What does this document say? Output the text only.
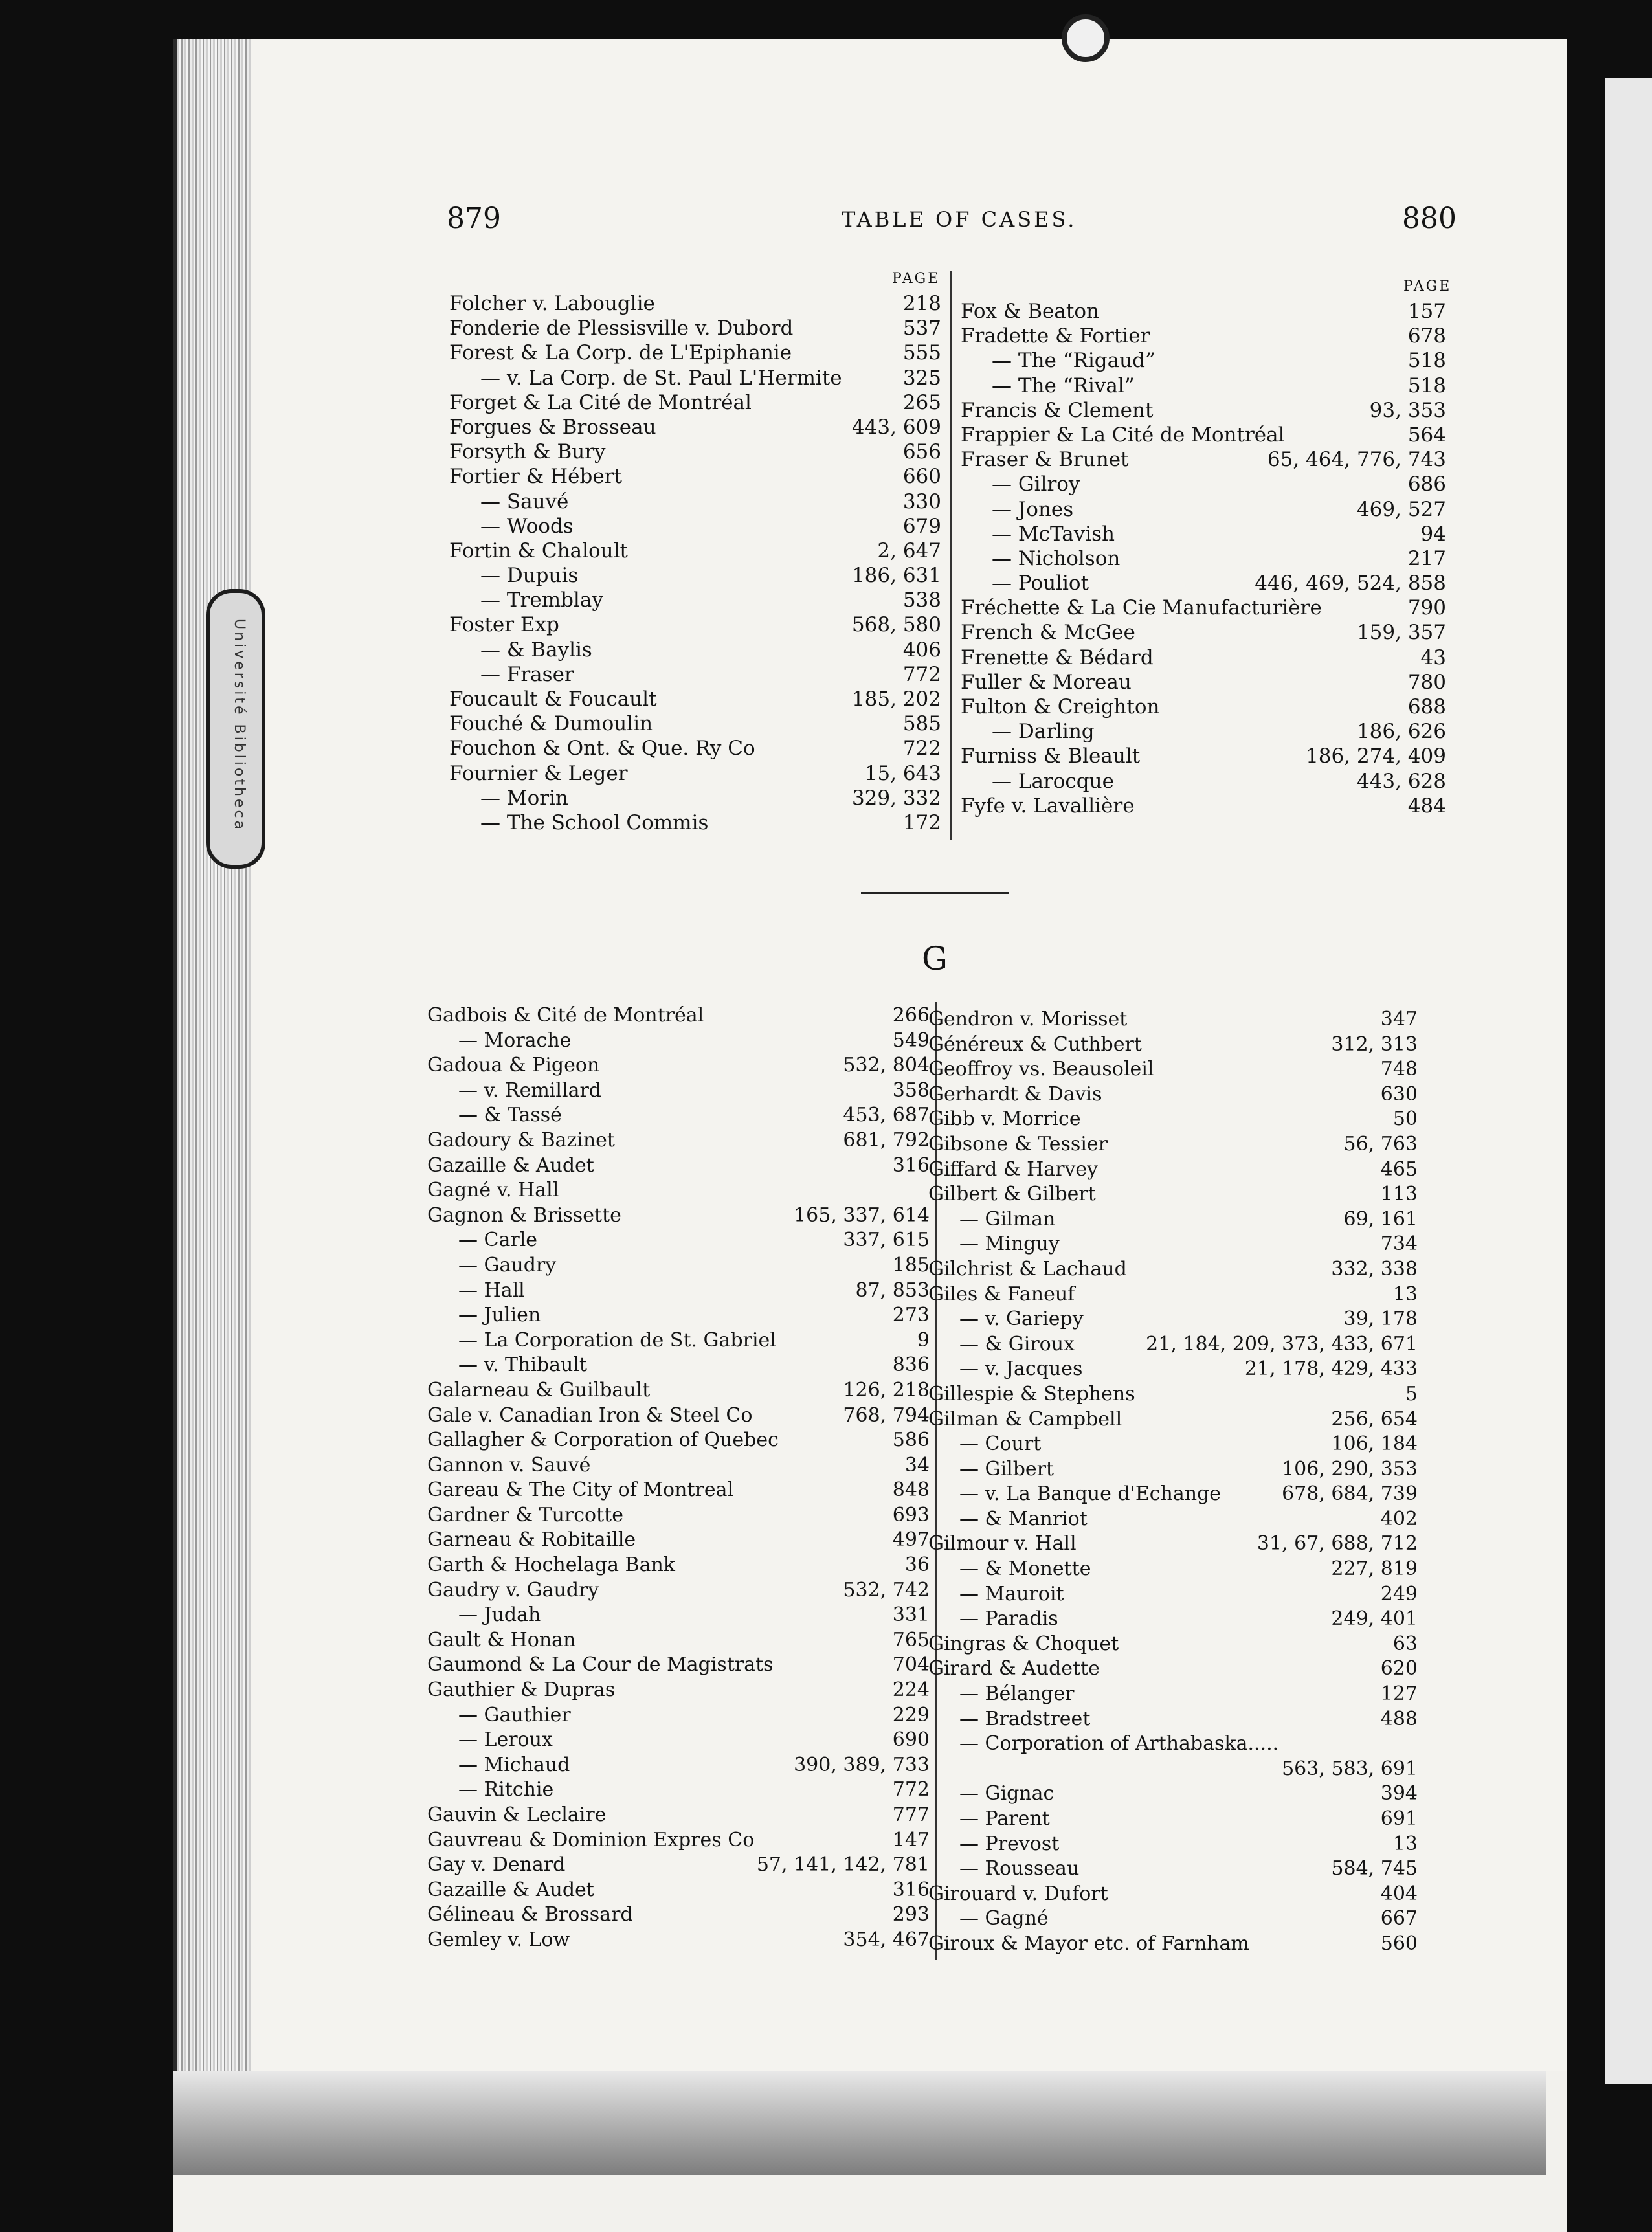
Université Bibliotheca
879	TABLE OF CASES.	880
PAGE	PAGE
Folcher v. Labouglie	218
Fonderie de Plessisville v. Dubord	537
Forest & La Corp. de L'Epiphanie	555
— v. La Corp. de St. Paul L'Hermite	325
Forget & La Cité de Montréal	265
Forgues & Brosseau	443, 609
Forsyth & Bury	656
Fortier & Hébert	660
— Sauvé	330
— Woods	679
Fortin & Chaloult	2, 647
— Dupuis	186, 631
— Tremblay	538
Foster Exp	568, 580
— & Baylis	406
— Fraser	772
Foucault & Foucault	185, 202
Fouché & Dumoulin	585
Fouchon & Ont. & Que. Ry Co	722
Fournier & Leger	15, 643
— Morin	329, 332
— The School Commis	172
Fox & Beaton	157
Fradette & Fortier	678
— The “Rigaud”	518
— The “Rival”	518
Francis & Clement	93, 353
Frappier & La Cité de Montréal	564
Fraser & Brunet	65, 464, 776, 743
— Gilroy	686
— Jones	469, 527
— McTavish	94
— Nicholson	217
— Pouliot	446, 469, 524, 858
Fréchette & La Cie Manufacturière	790
French & McGee	159, 357
Frenette & Bédard	43
Fuller & Moreau	780
Fulton & Creighton	688
— Darling	186, 626
Furniss & Bleault	186, 274, 409
— Larocque	443, 628
Fyfe v. Lavallière	484
G
Gadbois & Cité de Montréal	266
— Morache	549
Gadoua & Pigeon	532, 804
— v. Remillard	358
— & Tassé	453, 687
Gadoury & Bazinet	681, 792
Gazaille & Audet	316
Gagné v. Hall
Gagnon & Brissette	165, 337, 614
— Carle	337, 615
— Gaudry	185
— Hall	87, 853
— Julien	273
— La Corporation de St. Gabriel	9
— v. Thibault	836
Galarneau & Guilbault	126, 218
Gale v. Canadian Iron & Steel Co	768, 794
Gallagher & Corporation of Quebec	586
Gannon v. Sauvé	34
Gareau & The City of Montreal	848
Gardner & Turcotte	693
Garneau & Robitaille	497
Garth & Hochelaga Bank	36
Gaudry v. Gaudry	532, 742
— Judah	331
Gault & Honan	765
Gaumond & La Cour de Magistrats	704
Gauthier & Dupras	224
— Gauthier	229
— Leroux	690
— Michaud	390, 389, 733
— Ritchie	772
Gauvin & Leclaire	777
Gauvreau & Dominion Expres Co	147
Gay v. Denard	57, 141, 142, 781
Gazaille & Audet	316
Gélineau & Brossard	293
Gemley v. Low	354, 467
Gendron v. Morisset	347
Généreux & Cuthbert	312, 313
Geoffroy vs. Beausoleil	748
Gerhardt & Davis	630
Gibb v. Morrice	50
Gibsone & Tessier	56, 763
Giffard & Harvey	465
Gilbert & Gilbert	113
— Gilman	69, 161
— Minguy	734
Gilchrist & Lachaud	332, 338
Giles & Faneuf	13
— v. Gariepy	39, 178
— & Giroux	21, 184, 209, 373, 433, 671
— v. Jacques	21, 178, 429, 433
Gillespie & Stephens	5
Gilman & Campbell	256, 654
— Court	106, 184
— Gilbert	106, 290, 353
— v. La Banque d'Echange	678, 684, 739
— & Manriot	402
Gilmour v. Hall	31, 67, 688, 712
— & Monette	227, 819
— Mauroit	249
— Paradis	249, 401
Gingras & Choquet	63
Girard & Audette	620
— Bélanger	127
— Bradstreet	488
— Corporation of Arthabaska.....
563, 583, 691
— Gignac	394
— Parent	691
— Prevost	13
— Rousseau	584, 745
Girouard v. Dufort	404
— Gagné	667
Giroux & Mayor etc. of Farnham	560
